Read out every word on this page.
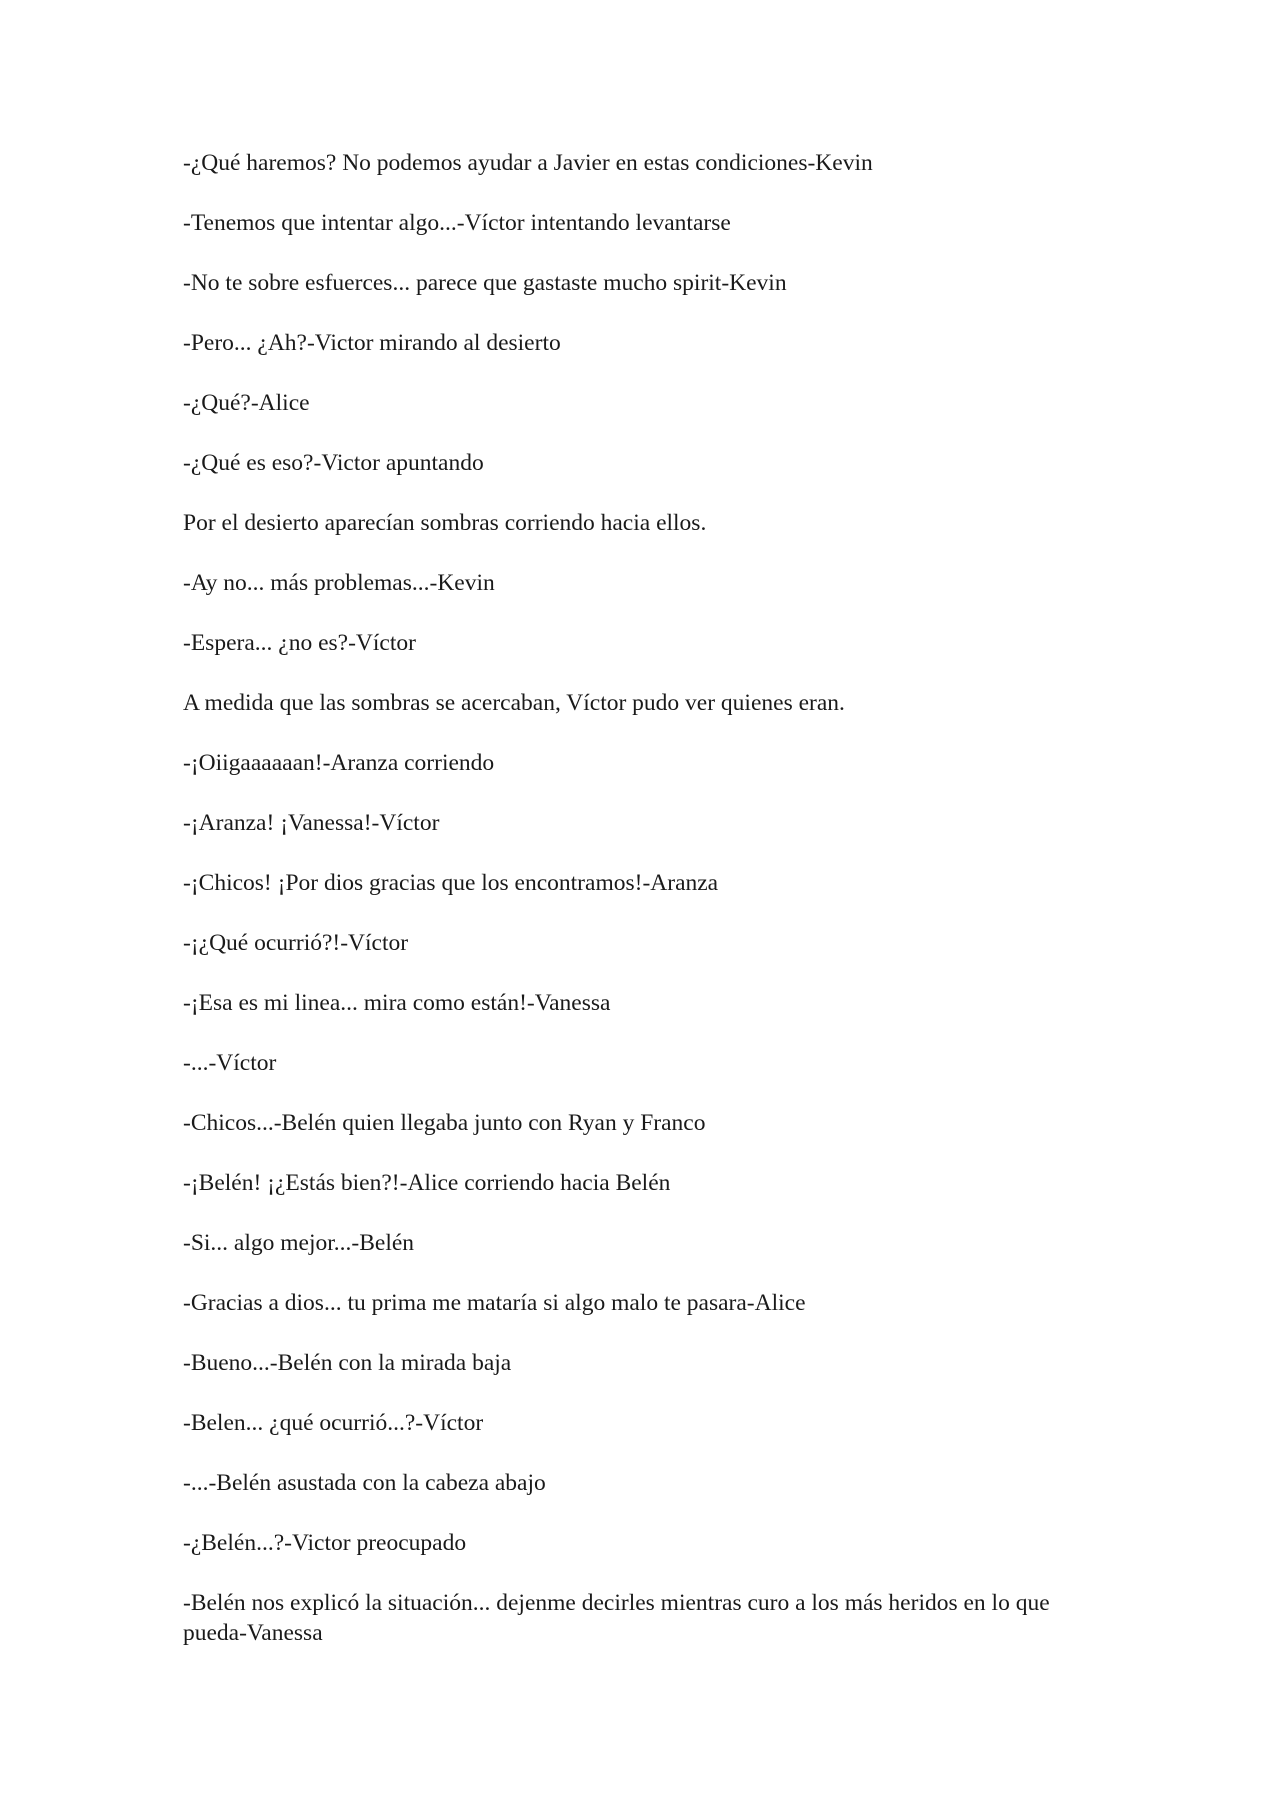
-¿Qué haremos? No podemos ayudar a Javier en estas condiciones-Kevin

-Tenemos que intentar algo...-Víctor intentando levantarse

-No te sobre esfuerces... parece que gastaste mucho spirit-Kevin

-Pero... ¿Ah?-Victor mirando al desierto

-¿Qué?-Alice

-¿Qué es eso?-Victor apuntando

Por el desierto aparecían sombras corriendo hacia ellos.

-Ay no... más problemas...-Kevin

-Espera... ¿no es?-Víctor

A medida que las sombras se acercaban, Víctor pudo ver quienes eran.

-¡Oiigaaaaaan!-Aranza corriendo

-¡Aranza! ¡Vanessa!-Víctor

-¡Chicos! ¡Por dios gracias que los encontramos!-Aranza

-¡¿Qué ocurrió?!-Víctor

-¡Esa es mi linea... mira como están!-Vanessa

-...-Víctor

-Chicos...-Belén quien llegaba junto con Ryan y Franco

-¡Belén! ¡¿Estás bien?!-Alice corriendo hacia Belén

-Si... algo mejor...-Belén

-Gracias a dios... tu prima me mataría si algo malo te pasara-Alice

-Bueno...-Belén con la mirada baja

-Belen... ¿qué ocurrió...?-Víctor

-...-Belén asustada con la cabeza abajo

-¿Belén...?-Victor preocupado

-Belén nos explicó la situación... dejenme decirles mientras curo a los más heridos en lo que pueda-Vanessa
